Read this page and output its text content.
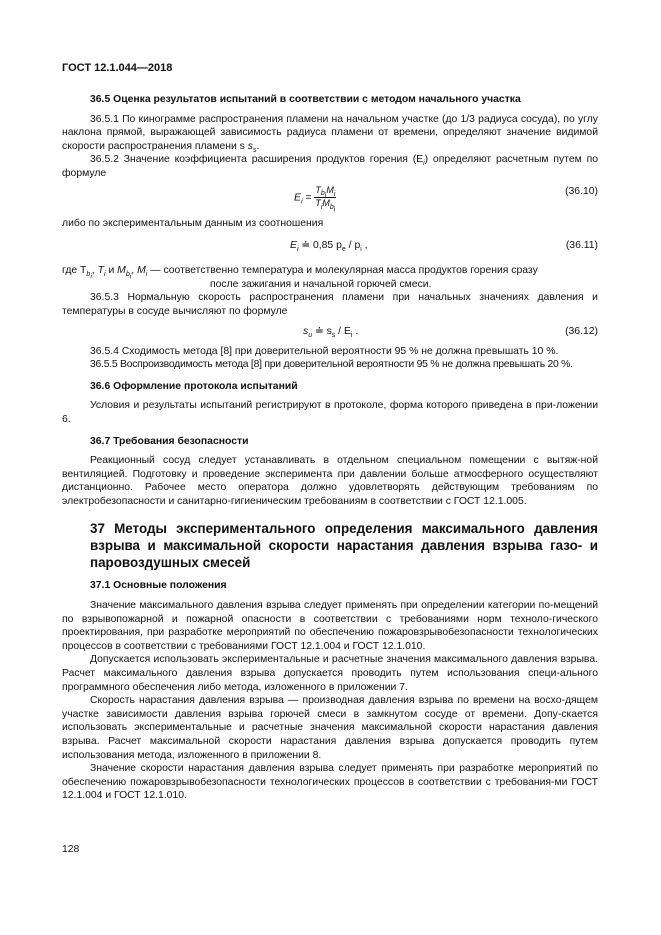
ГОСТ 12.1.044—2018

36.5 Оценка результатов испытаний в соответствии с методом начального участка

36.5.1 По кинограмме распространения пламени на начальном участке (до 1/3 радиуса сосуда), по углу наклона прямой, выражающей зависимость радиуса пламени от времени, определяют значение видимой скорости распространения пламени s $s_s$.

36.5.2 Значение коэффициента расширения продуктов горения $(E_i)$ определяют расчетным путем по формуле

$E_i = \frac{T_{b_i}M_i}{T_iM_{b_i}}$	(36.10)

либо по экспериментальным данным из соотношения

$E_i$ ≐ 0,85 $p_e / p_i$ ,	(36.11)

где $T_{b_i}$, $T_i$ и $M_{b_i}$, $M_i$ — соответственно температура и молекулярная масса продуктов горения сразу

после зажигания и начальной горючей смеси.

36.5.3 Нормальную скорость распространения пламени при начальных значениях давления и температуры в сосуде вычисляют по формуле

$s_u$ ≐ $s_s / E_i$ .	(36.12)

36.5.4 Сходимость метода [8] при доверительной вероятности 95 % не должна превышать 10 %.

36.5.5 Воспроизводимость метода [8] при доверительной вероятности 95 % не должна превышать 20 %.

36.6 Оформление протокола испытаний

Условия и результаты испытаний регистрируют в протоколе, форма которого приведена в при-ложении 6.

36.7 Требования безопасности

Реакционный сосуд следует устанавливать в отдельном специальном помещении с вытяж-ной вентиляцией. Подготовку и проведение эксперимента при давлении больше атмосферного осуществляют дистанционно. Рабочее место оператора должно удовлетворять действующим требованиям по электробезопасности и санитарно-гигиеническим требованиям в соответствии с ГОСТ 12.1.005.

37 Методы экспериментального определения максимального давления взрыва и максимальной скорости нарастания давления взрыва газо- и паровоздушных смесей

37.1 Основные положения

Значение максимального давления взрыва следует применять при определении категории по-мещений по взрывопожарной и пожарной опасности в соответствии с требованиями норм техноло-гического проектирования, при разработке мероприятий по обеспечению пожаровзрывобезопасности технологических процессов в соответствии с требованиями ГОСТ 12.1.004 и ГОСТ 12.1.010.

Допускается использовать экспериментальные и расчетные значения максимального давления взрыва. Расчет максимального давления взрыва допускается проводить путем использования специ-ального программного обеспечения либо метода, изложенного в приложении 7.

Скорость нарастания давления взрыва — производная давления взрыва по времени на восхо-дящем участке зависимости давления взрыва горючей смеси в замкнутом сосуде от времени. Допу-скается использовать экспериментальные и расчетные значения максимальной скорости нарастания давления взрыва. Расчет максимальной скорости нарастания давления взрыва допускается проводить путем использования метода, изложенного в приложении 8.

Значение скорости нарастания давления взрыва следует применять при разработке мероприятий по обеспечению пожаровзрывобезопасности технологических процессов в соответствии с требования-ми ГОСТ 12.1.004 и ГОСТ 12.1.010.

128
